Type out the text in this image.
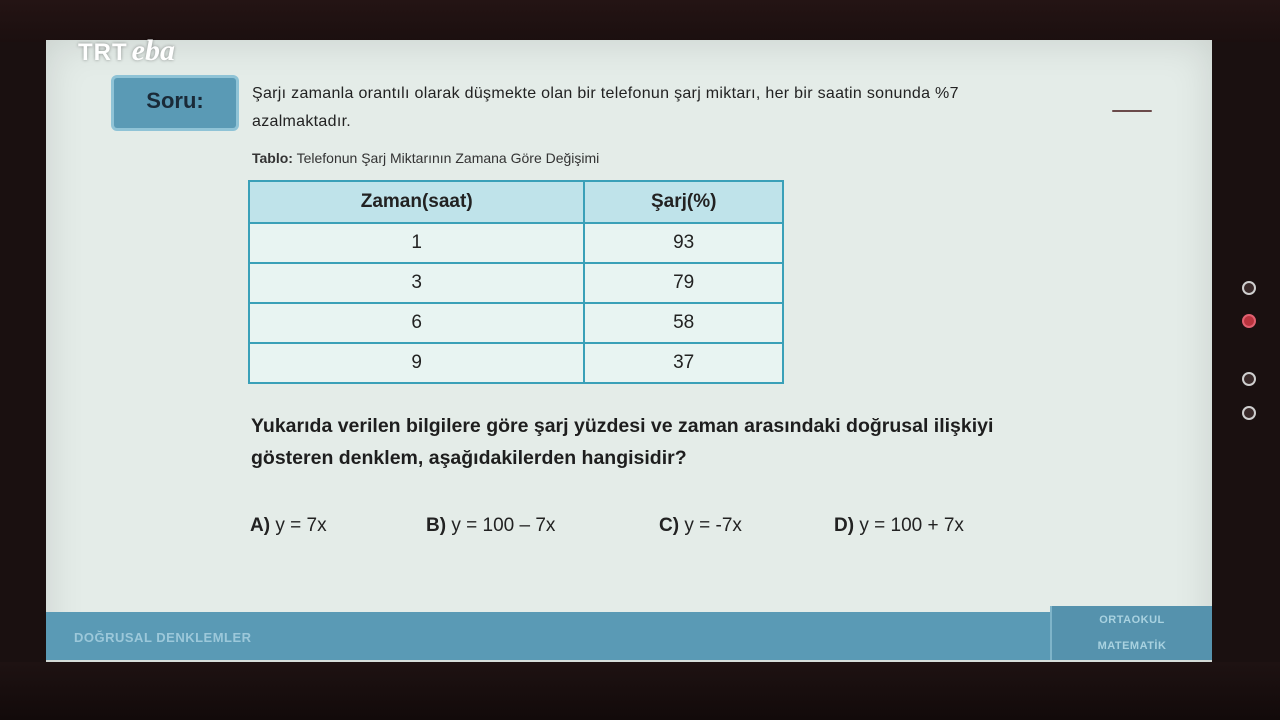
TRT eba
Soru:	Şarjı zamanla orantılı olarak düşmekte olan bir telefonun şarj miktarı, her bir saatin sonunda %7
azalmaktadır.
Tablo: Telefonun Şarj Miktarının Zamana Göre Değişimi
Zaman(saat)	Şarj(%)
1	93
3	79
6	58
9	37
Yukarıda verilen bilgilere göre şarj yüzdesi ve zaman arasındaki doğrusal ilişkiyi
gösteren denklem, aşağıdakilerden hangisidir?
A) y = 7x	B) y = 100 – 7x	C) y = -7x	D) y = 100 + 7x
DOĞRUSAL DENKLEMLER
ORTAOKUL
MATEMATİK
